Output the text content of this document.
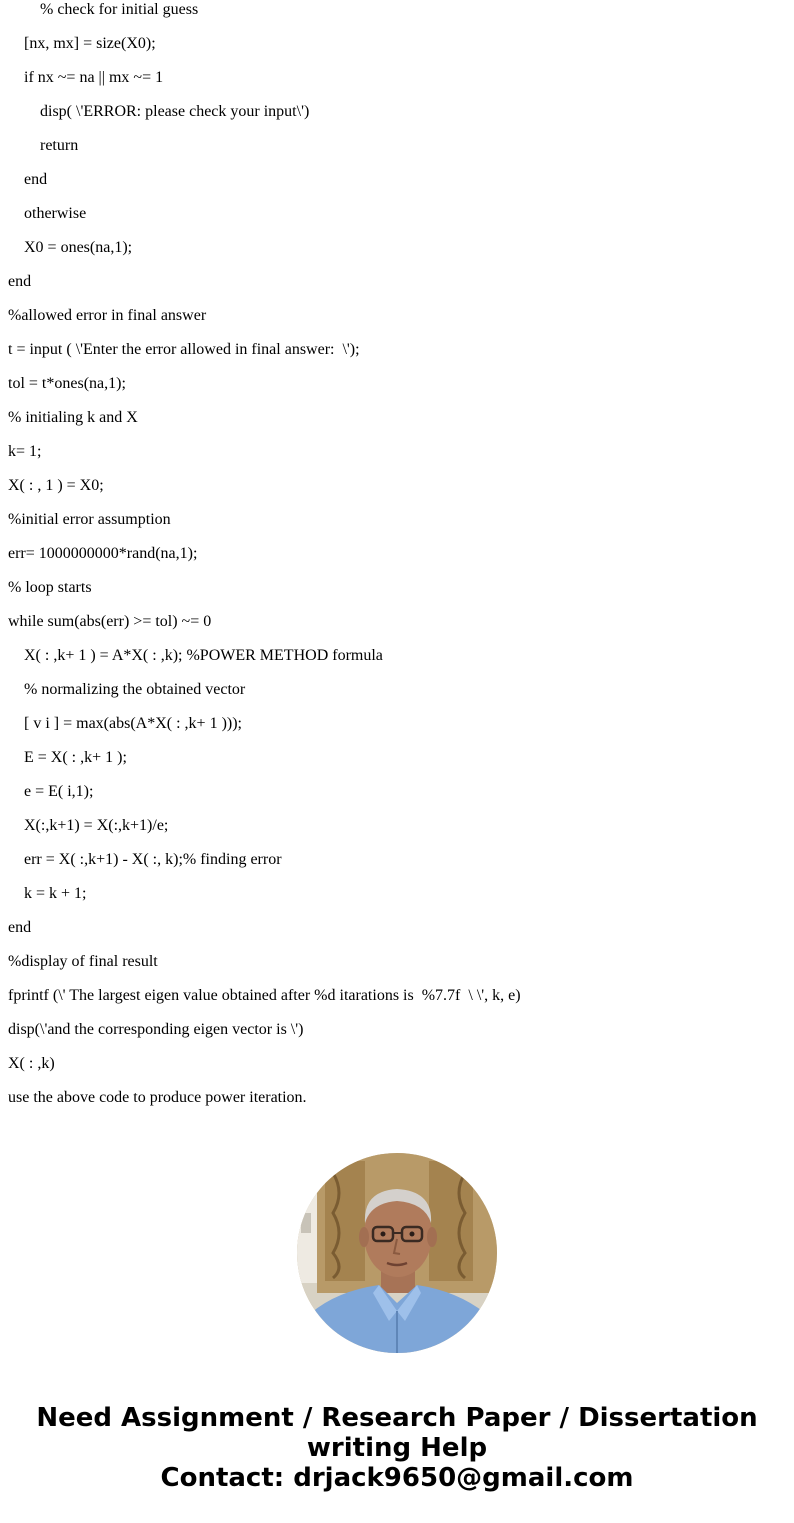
% check for initial guess
[nx, mx] = size(X0);
if nx ~= na || mx ~= 1
disp( \'ERROR: please check your input\')
return
end
otherwise
X0 = ones(na,1);
end
%allowed error in final answer
t = input ( \'Enter the error allowed in final answer:  \');
tol = t*ones(na,1);
% initialing k and X
k= 1;
X( : , 1 ) = X0;
%initial error assumption
err= 1000000000*rand(na,1);
% loop starts
while sum(abs(err) >= tol) ~= 0
X( : ,k+ 1 ) = A*X( : ,k); %POWER METHOD formula
% normalizing the obtained vector
[ v i ] = max(abs(A*X( : ,k+ 1 )));
E = X( : ,k+ 1 );
e = E( i,1);
X(:,k+1) = X(:,k+1)/e;
err = X( :,k+1) - X( :, k);% finding error
k = k + 1;
end
%display of final result
fprintf (\' The largest eigen value obtained after %d itarations is  %7.7f  \ \', k, e)
disp(\'and the corresponding eigen vector is \')
X( : ,k)
use the above code to produce power iteration.
Need Assignment / Research Paper / Dissertation
writing Help
Contact: drjack9650@gmail.com
